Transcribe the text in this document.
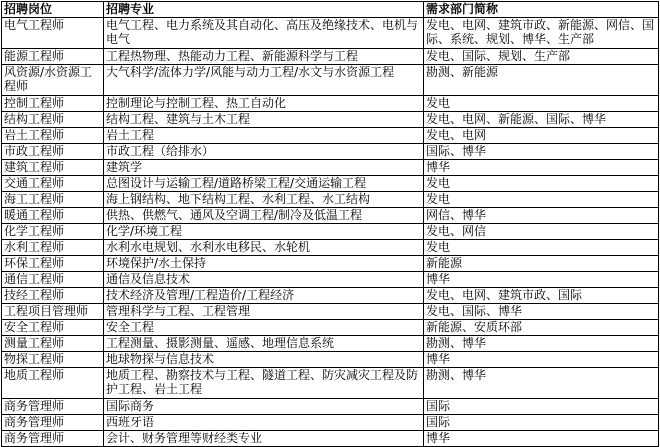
招聘岗位	招聘专业	需求部门简称
电气工程师	电气工程、电力系统及其自动化、高压及绝缘技术、电机与电气	发电、电网、建筑市政、新能源、网信、国际、系统、规划、博华、生产部
能源工程师	工程热物理、热能动力工程、新能源科学与工程	发电、国际、规划、生产部
风资源/水资源工程师	大气科学/流体力学/风能与动力工程/水文与水资源工程	勘测、新能源
控制工程师	控制理论与控制工程、热工自动化	发电
结构工程师	结构工程、建筑与土木工程	发电、电网、新能源、国际、博华
岩土工程师	岩土工程	发电、电网
市政工程师	市政工程（给排水）	国际、博华
建筑工程师	建筑学	博华
交通工程师	总图设计与运输工程/道路桥梁工程/交通运输工程	发电
海工工程师	海上钢结构、地下结构工程、水利工程、水工结构	发电
暖通工程师	供热、供燃气、通风及空调工程/制冷及低温工程	网信、博华
化学工程师	化学/环境工程	发电、网信
水利工程师	水利水电规划、水利水电移民、水轮机	发电
环保工程师	环境保护/水土保持	新能源
通信工程师	通信及信息技术	博华
技经工程师	技术经济及管理/工程造价/工程经济	发电、电网、建筑市政、国际
工程项目管理师	管理科学与工程、工程管理	发电、国际、博华
安全工程师	安全工程	新能源、安质环部
测量工程师	工程测量、摄影测量、遥感、地理信息系统	勘测、博华
物探工程师	地球物探与信息技术	博华
地质工程师	地质工程、勘察技术与工程、隧道工程、防灾减灾工程及防护工程、岩土工程	勘测、博华
商务管理师	国际商务	国际
商务管理师	西班牙语	国际
商务管理师	会计、财务管理等财经类专业	博华
